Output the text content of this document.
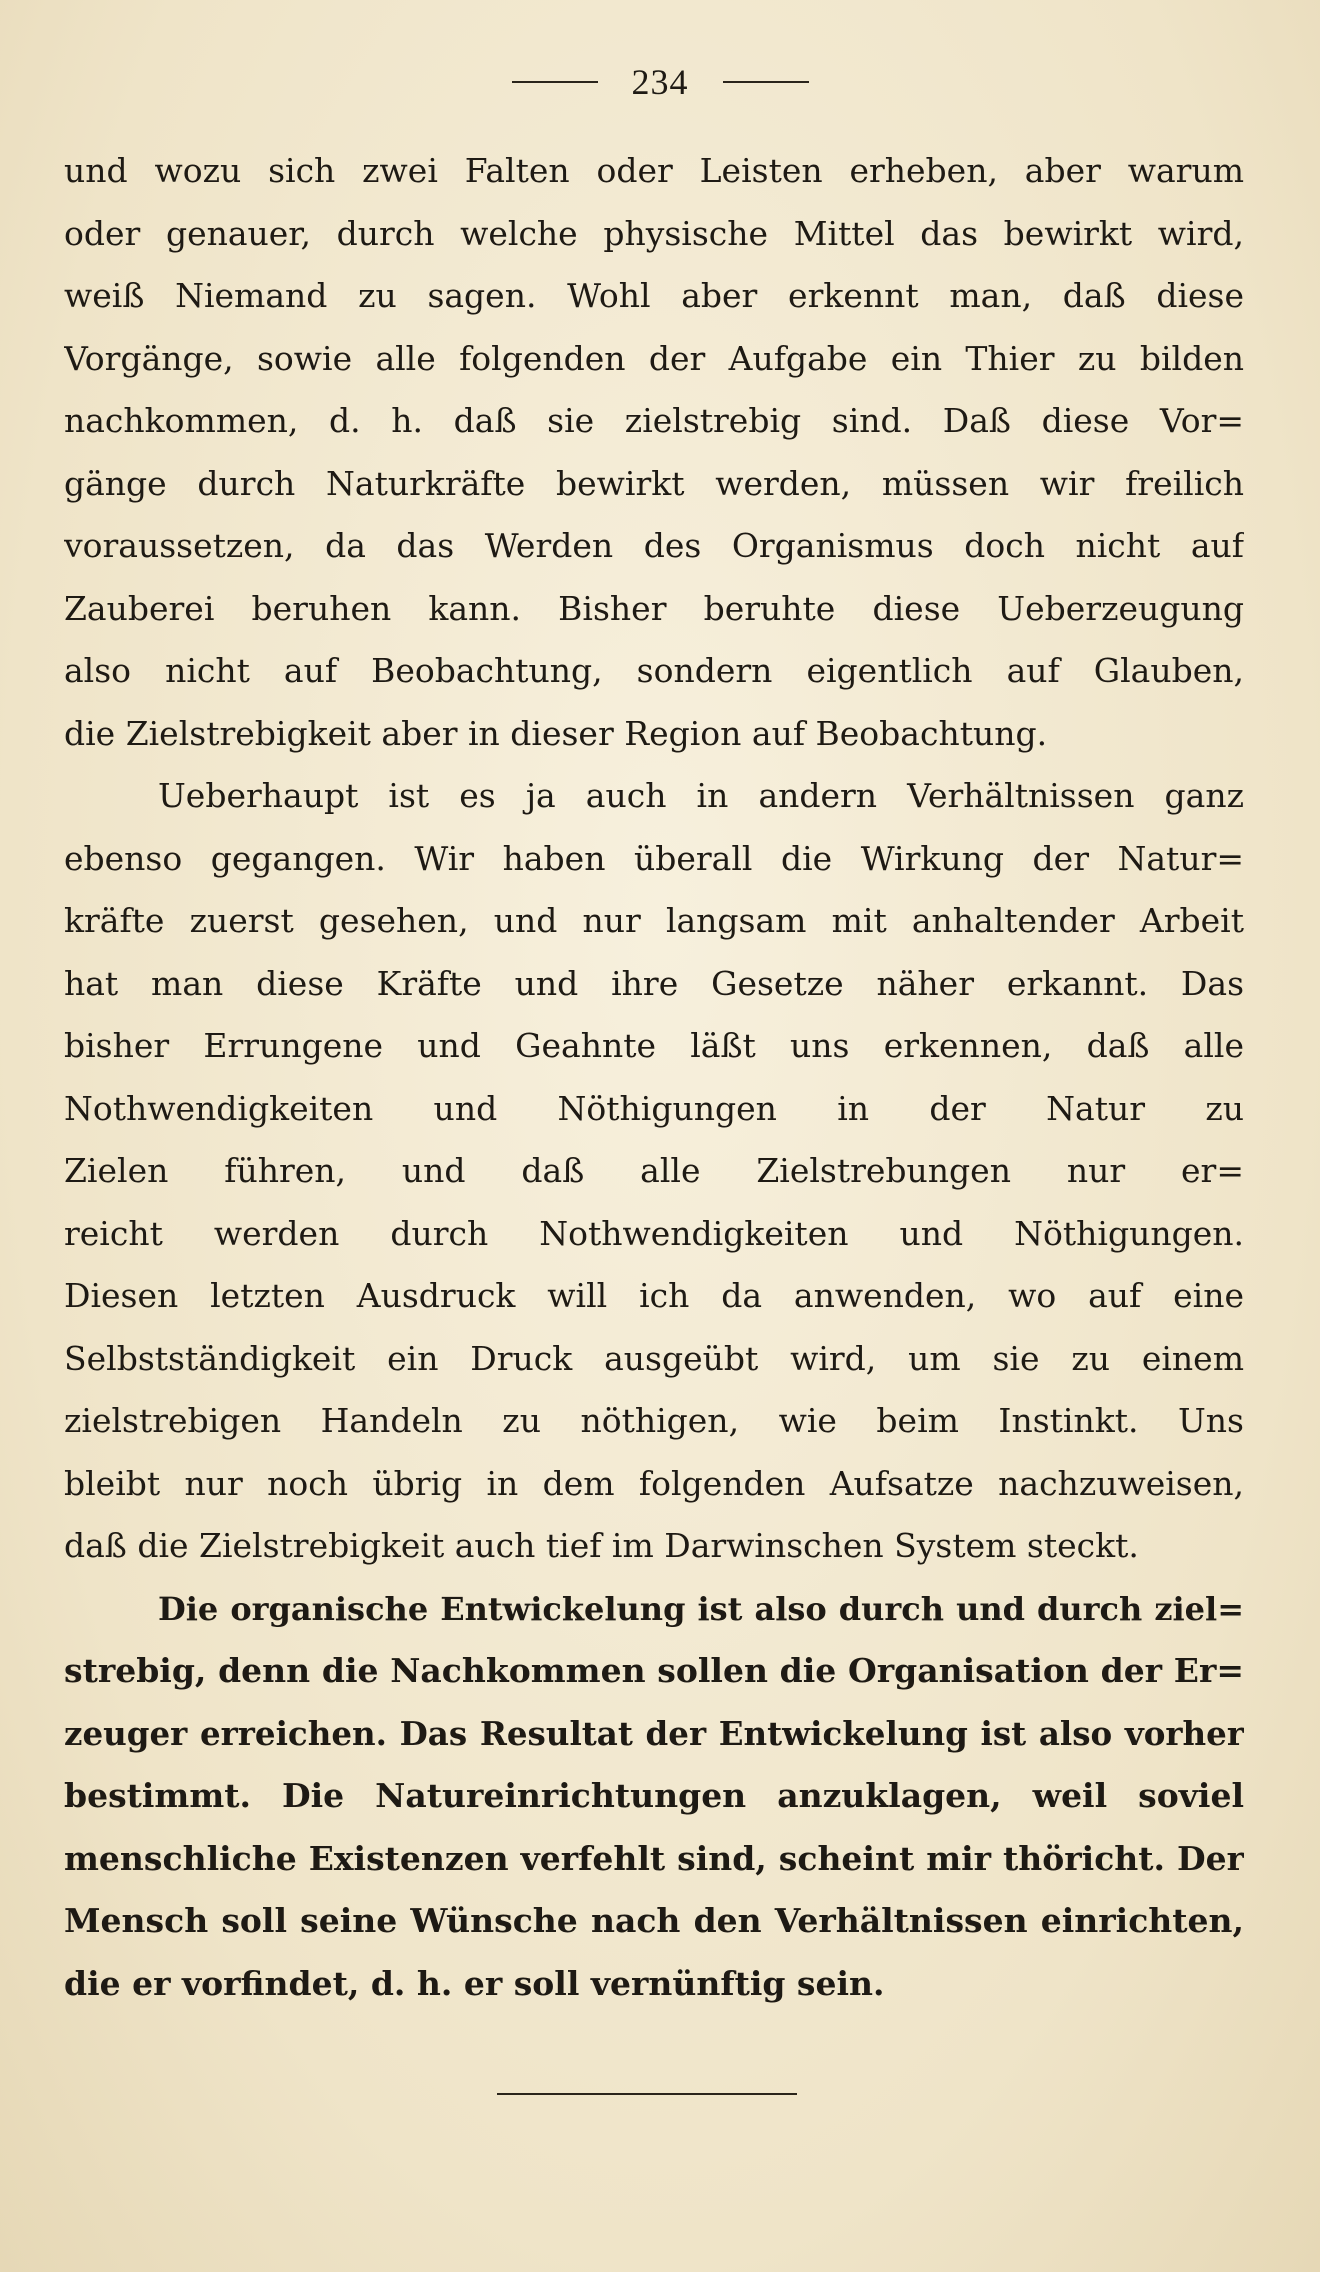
234
und wozu sich zwei Falten oder Leisten erheben, aber warum
oder genauer, durch welche physische Mittel das bewirkt wird,
weiß Niemand zu sagen. Wohl aber erkennt man, daß diese
Vorgänge, sowie alle folgenden der Aufgabe ein Thier zu bilden
nachkommen, d. h. daß sie zielstrebig sind. Daß diese Vor=
gänge durch Naturkräfte bewirkt werden, müssen wir freilich
voraussetzen, da das Werden des Organismus doch nicht auf
Zauberei beruhen kann. Bisher beruhte diese Ueberzeugung
also nicht auf Beobachtung, sondern eigentlich auf Glauben,
die Zielstrebigkeit aber in dieser Region auf Beobachtung.
Ueberhaupt ist es ja auch in andern Verhältnissen ganz
ebenso gegangen. Wir haben überall die Wirkung der Natur=
kräfte zuerst gesehen, und nur langsam mit anhaltender Arbeit
hat man diese Kräfte und ihre Gesetze näher erkannt. Das
bisher Errungene und Geahnte läßt uns erkennen, daß alle
Nothwendigkeiten und Nöthigungen in der Natur zu
Zielen führen, und daß alle Zielstrebungen nur er=
reicht werden durch Nothwendigkeiten und Nöthigungen.
Diesen letzten Ausdruck will ich da anwenden, wo auf eine
Selbstständigkeit ein Druck ausgeübt wird, um sie zu einem
zielstrebigen Handeln zu nöthigen, wie beim Instinkt. Uns
bleibt nur noch übrig in dem folgenden Aufsatze nachzuweisen,
daß die Zielstrebigkeit auch tief im Darwinschen System steckt.
Die organische Entwickelung ist also durch und durch ziel=
strebig, denn die Nachkommen sollen die Organisation der Er=
zeuger erreichen. Das Resultat der Entwickelung ist also vorher
bestimmt. Die Natureinrichtungen anzuklagen, weil soviel
menschliche Existenzen verfehlt sind, scheint mir thöricht. Der
Mensch soll seine Wünsche nach den Verhältnissen einrichten,
die er vorfindet, d. h. er soll vernünftig sein.
